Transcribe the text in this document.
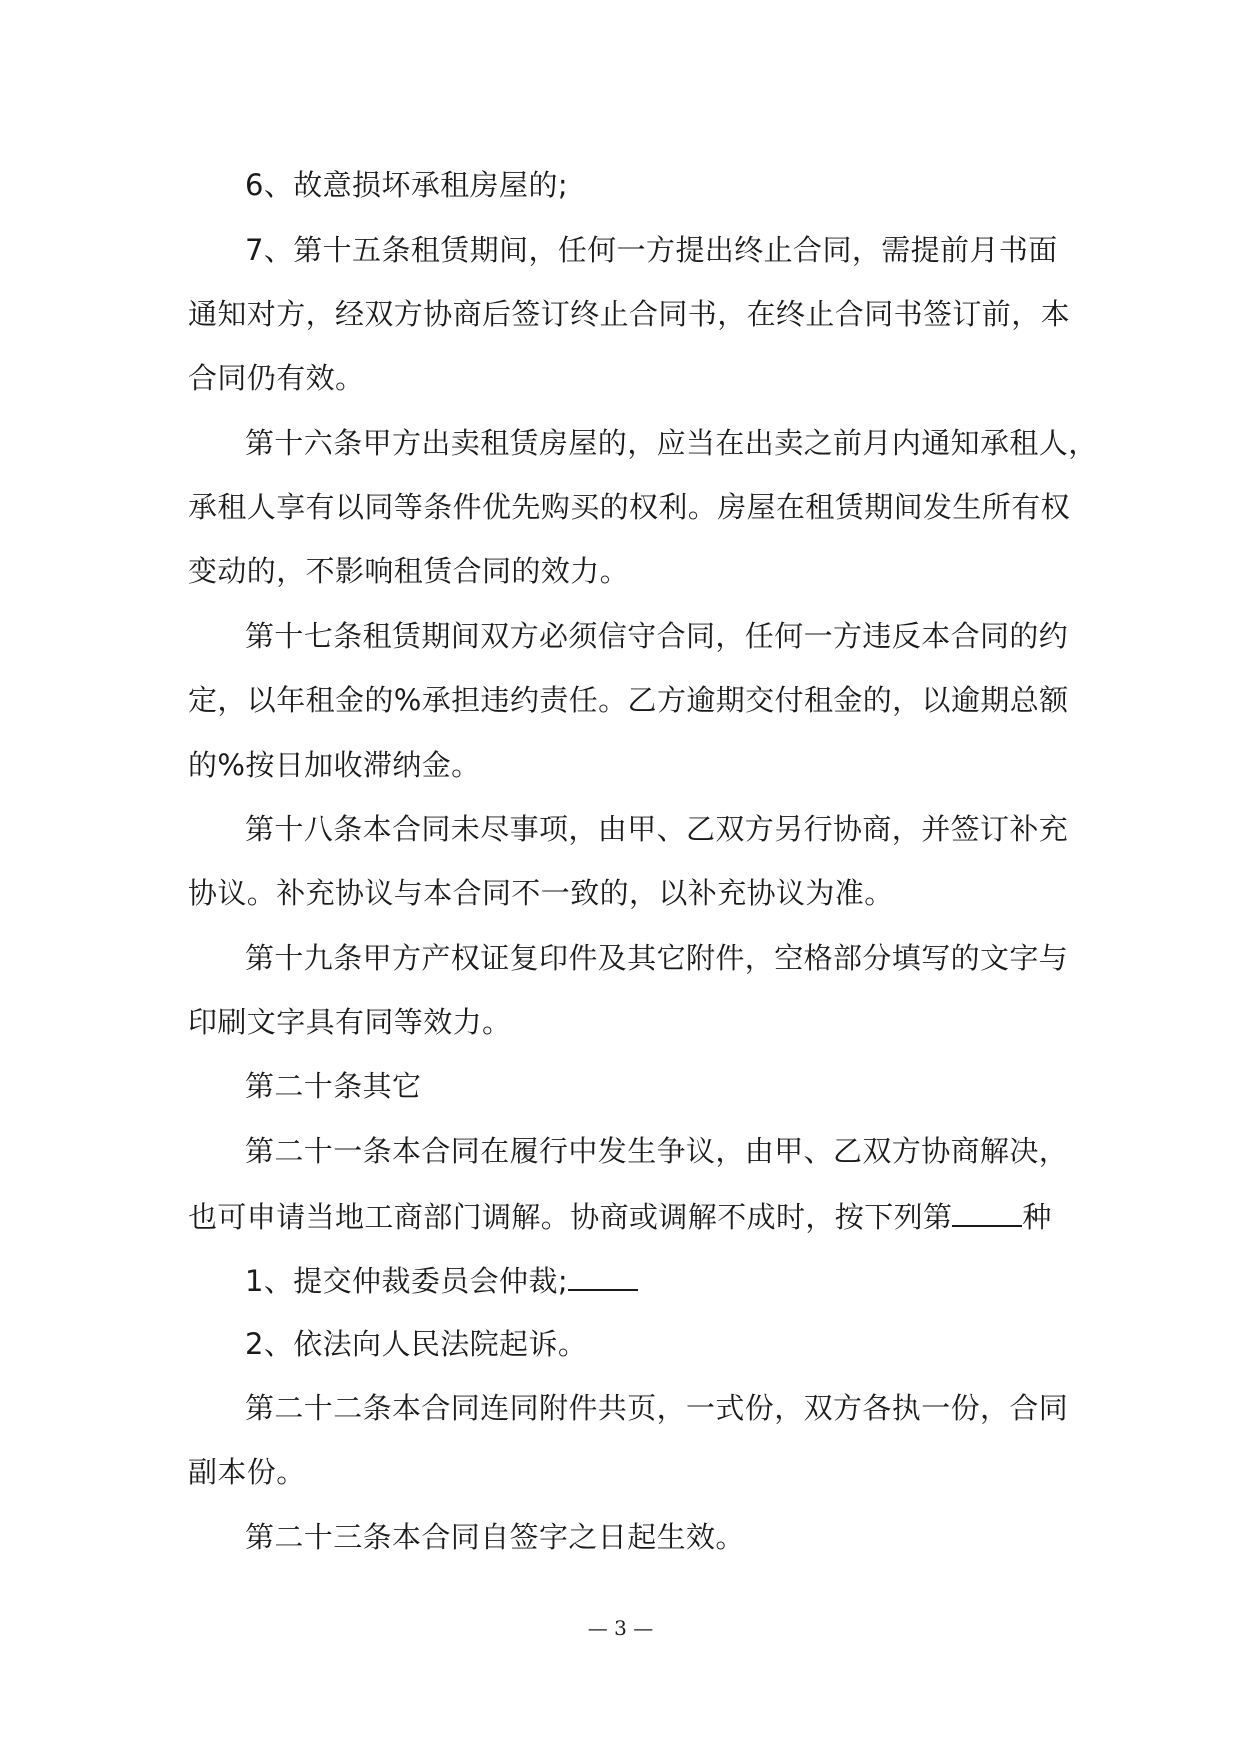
6、故意损坏承租房屋的;
7、第十五条租赁期间，任何一方提出终止合同，需提前月书面
通知对方，经双方协商后签订终止合同书，在终止合同书签订前，本
合同仍有效。
第十六条甲方出卖租赁房屋的，应当在出卖之前月内通知承租人，
承租人享有以同等条件优先购买的权利。房屋在租赁期间发生所有权
变动的，不影响租赁合同的效力。
第十七条租赁期间双方必须信守合同，任何一方违反本合同的约
定，以年租金的%承担违约责任。乙方逾期交付租金的，以逾期总额
的%按日加收滞纳金。
第十八条本合同未尽事项，由甲、乙双方另行协商，并签订补充
协议。补充协议与本合同不一致的，以补充协议为准。
第十九条甲方产权证复印件及其它附件，空格部分填写的文字与
印刷文字具有同等效力。
第二十条其它
第二十一条本合同在履行中发生争议，由甲、乙双方协商解决，
也可申请当地工商部门调解。协商或调解不成时，按下列第 种
1、提交仲裁委员会仲裁;
2、依法向人民法院起诉。
第二十二条本合同连同附件共页，一式份，双方各执一份，合同
副本份。
第二十三条本合同自签字之日起生效。
— 3 —
